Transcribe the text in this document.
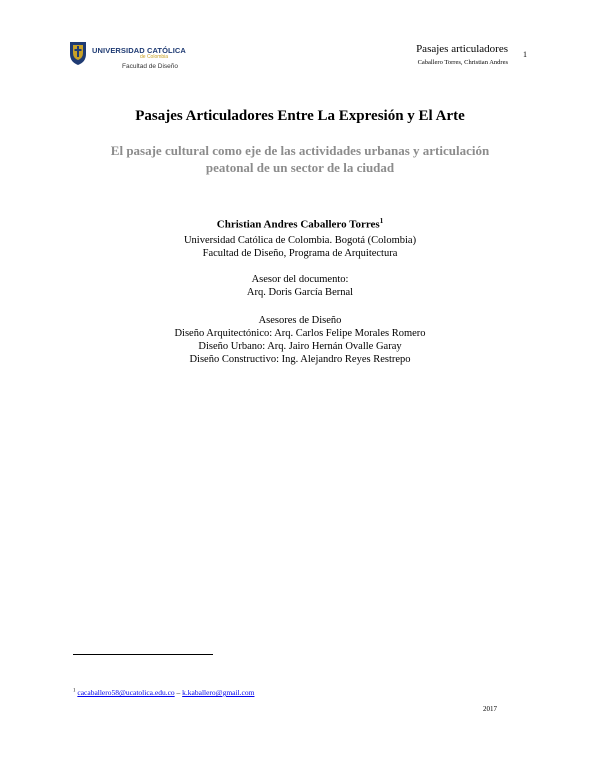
UNIVERSIDAD CATÓLICA
de Colombia
Facultad de Diseño
Pasajes articuladores
Caballero Torres, Christian Andres
1
Pasajes Articuladores Entre La Expresión y El Arte
El pasaje cultural como eje de las actividades urbanas y articulación
peatonal de un sector de la ciudad
Christian Andres Caballero Torres$^1$
Universidad Católica de Colombia. Bogotá (Colombia)
Facultad de Diseño, Programa de Arquitectura
Asesor del documento:
Arq. Doris García Bernal
Asesores de Diseño
Diseño Arquitectónico: Arq. Carlos Felipe Morales Romero
Diseño Urbano: Arq. Jairo Hernán Ovalle Garay
Diseño Constructivo: Ing. Alejandro Reyes Restrepo
$^1$ cacaballero58@ucatolica.edu.co – k.kaballero@gmail.com
2017
